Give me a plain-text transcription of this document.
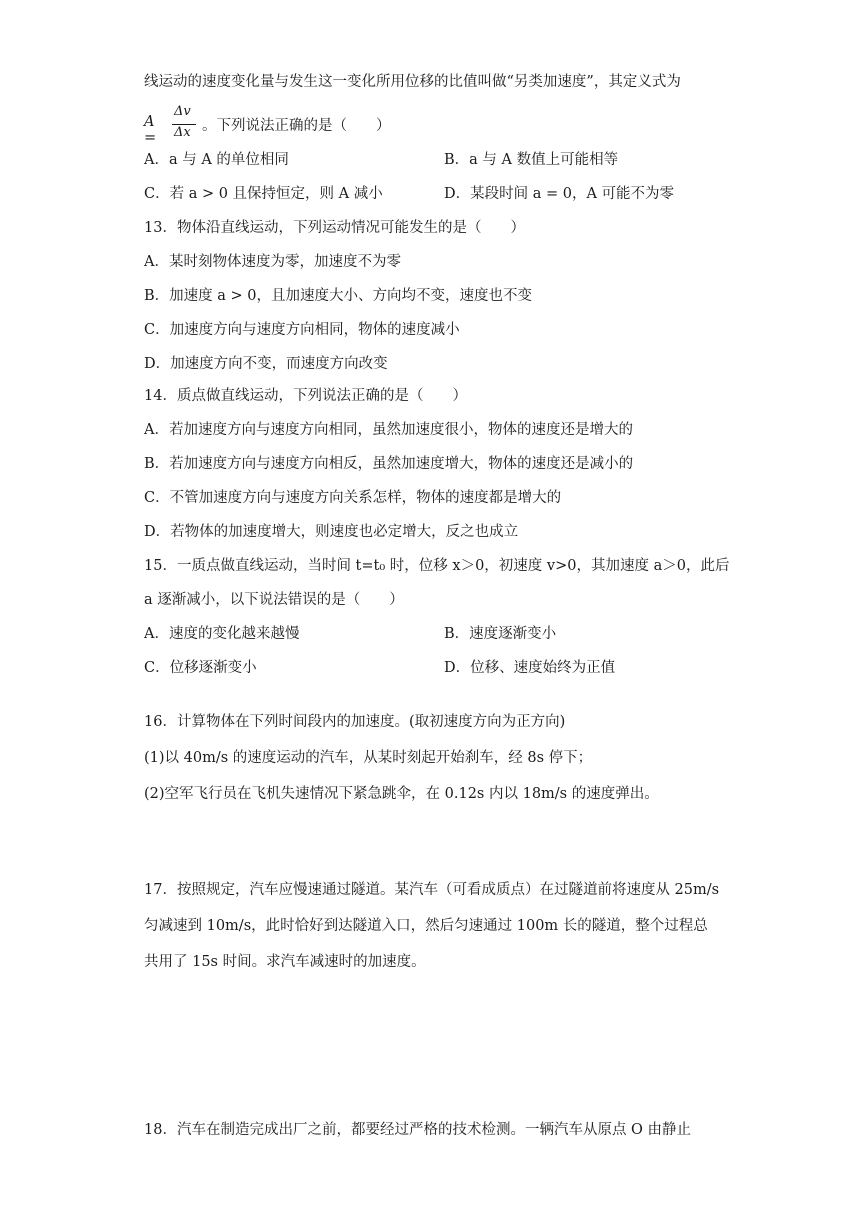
线运动的速度变化量与发生这一变化所用位移的比值叫做“另类加速度”，其定义式为
A =
Δv
Δx 。下列说法正确的是（　　）
A．a 与 A 的单位相同	B．a 与 A 数值上可能相等
C．若 a > 0 且保持恒定，则 A 减小	D．某段时间 a = 0，A 可能不为零
13．物体沿直线运动，下列运动情况可能发生的是（　　）
A．某时刻物体速度为零，加速度不为零
B．加速度 a > 0，且加速度大小、方向均不变，速度也不变
C．加速度方向与速度方向相同，物体的速度减小
D．加速度方向不变，而速度方向改变
14．质点做直线运动，下列说法正确的是（　　）
A．若加速度方向与速度方向相同，虽然加速度很小，物体的速度还是增大的
B．若加速度方向与速度方向相反，虽然加速度增大，物体的速度还是减小的
C．不管加速度方向与速度方向关系怎样，物体的速度都是增大的
D．若物体的加速度增大，则速度也必定增大，反之也成立
15．一质点做直线运动，当时间 t=t₀ 时，位移 x＞0，初速度 v>0，其加速度 a＞0，此后
a 逐渐减小，以下说法错误的是（　　）
A．速度的变化越来越慢	B．速度逐渐变小
C．位移逐渐变小	D．位移、速度始终为正值
16．计算物体在下列时间段内的加速度。(取初速度方向为正方向)
(1)以 40m/s 的速度运动的汽车，从某时刻起开始刹车，经 8s 停下；
(2)空军飞行员在飞机失速情况下紧急跳伞，在 0.12s 内以 18m/s 的速度弹出。
17．按照规定，汽车应慢速通过隧道。某汽车（可看成质点）在过隧道前将速度从 25m/s
匀减速到 10m/s，此时恰好到达隧道入口，然后匀速通过 100m 长的隧道，整个过程总
共用了 15s 时间。求汽车减速时的加速度。
18．汽车在制造完成出厂之前，都要经过严格的技术检测。一辆汽车从原点 O 由静止
